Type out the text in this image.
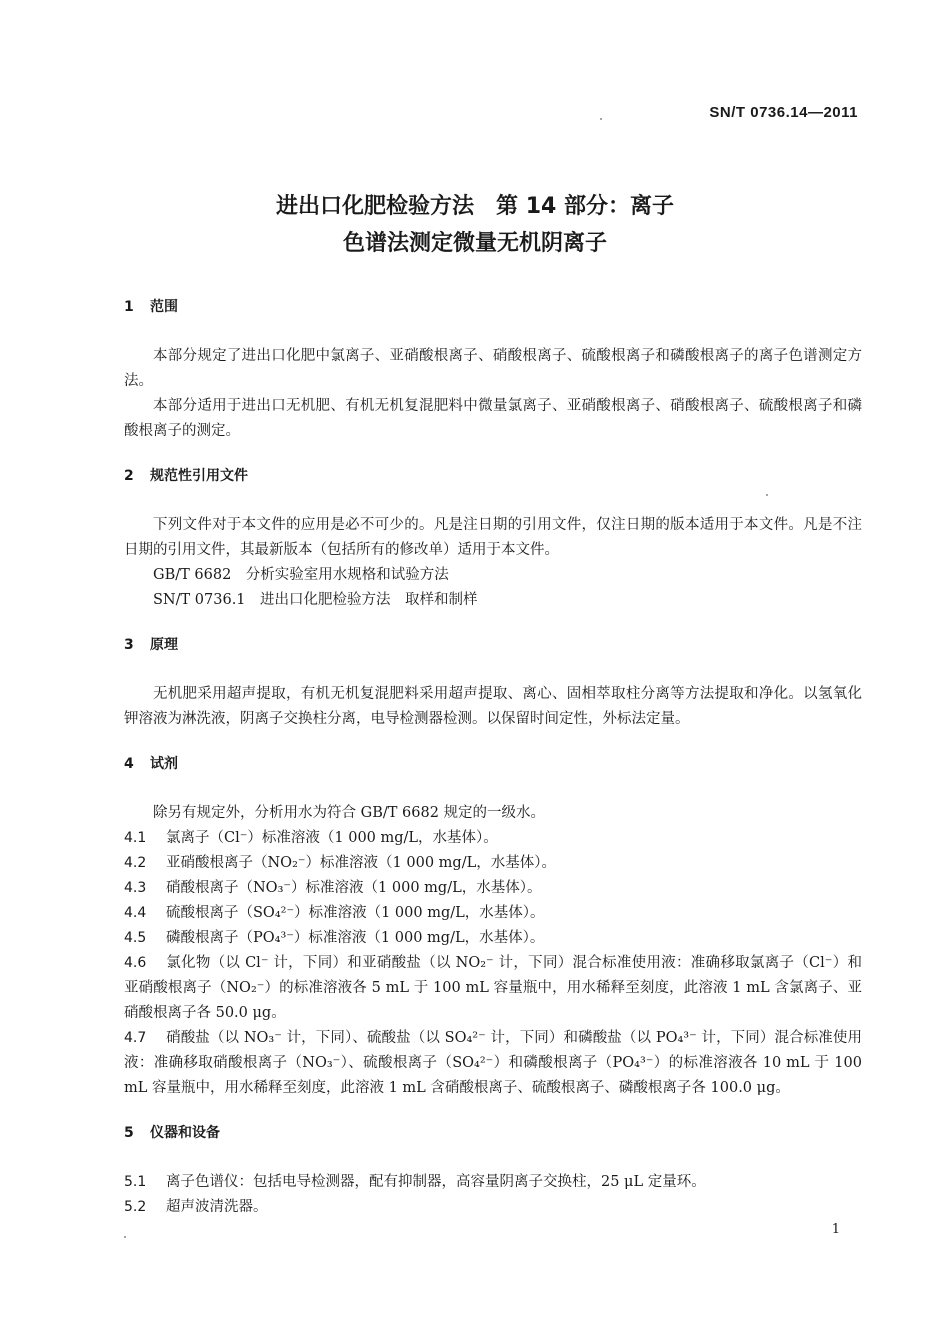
SN/T 0736.14—2011
进出口化肥检验方法　第 14 部分：离子
色谱法测定微量无机阴离子
1 范围

本部分规定了进出口化肥中氯离子、亚硝酸根离子、硝酸根离子、硫酸根离子和磷酸根离子的离子色谱测定方法。

本部分适用于进出口无机肥、有机无机复混肥料中微量氯离子、亚硝酸根离子、硝酸根离子、硫酸根离子和磷酸根离子的测定。

2 规范性引用文件

下列文件对于本文件的应用是必不可少的。凡是注日期的引用文件，仅注日期的版本适用于本文件。凡是不注日期的引用文件，其最新版本（包括所有的修改单）适用于本文件。

GB/T 6682　分析实验室用水规格和试验方法

SN/T 0736.1　进出口化肥检验方法　取样和制样

3 原理

无机肥采用超声提取，有机无机复混肥料采用超声提取、离心、固相萃取柱分离等方法提取和净化。以氢氧化钾溶液为淋洗液，阴离子交换柱分离，电导检测器检测。以保留时间定性，外标法定量。

4 试剂

除另有规定外，分析用水为符合 GB/T 6682 规定的一级水。

4.1 氯离子（Cl⁻）标准溶液（1 000 mg/L，水基体）。

4.2 亚硝酸根离子（NO₂⁻）标准溶液（1 000 mg/L，水基体）。

4.3 硝酸根离子（NO₃⁻）标准溶液（1 000 mg/L，水基体）。

4.4 硫酸根离子（SO₄²⁻）标准溶液（1 000 mg/L，水基体）。

4.5 磷酸根离子（PO₄³⁻）标准溶液（1 000 mg/L，水基体）。

4.6 氯化物（以 Cl⁻ 计，下同）和亚硝酸盐（以 NO₂⁻ 计，下同）混合标准使用液：准确移取氯离子（Cl⁻）和亚硝酸根离子（NO₂⁻）的标准溶液各 5 mL 于 100 mL 容量瓶中，用水稀释至刻度，此溶液 1 mL 含氯离子、亚硝酸根离子各 50.0 μg。

4.7 硝酸盐（以 NO₃⁻ 计，下同）、硫酸盐（以 SO₄²⁻ 计，下同）和磷酸盐（以 PO₄³⁻ 计，下同）混合标准使用液：准确移取硝酸根离子（NO₃⁻）、硫酸根离子（SO₄²⁻）和磷酸根离子（PO₄³⁻）的标准溶液各 10 mL 于 100 mL 容量瓶中，用水稀释至刻度，此溶液 1 mL 含硝酸根离子、硫酸根离子、磷酸根离子各 100.0 μg。

5 仪器和设备

5.1 离子色谱仪：包括电导检测器，配有抑制器，高容量阴离子交换柱，25 μL 定量环。

5.2 超声波清洗器。

1
